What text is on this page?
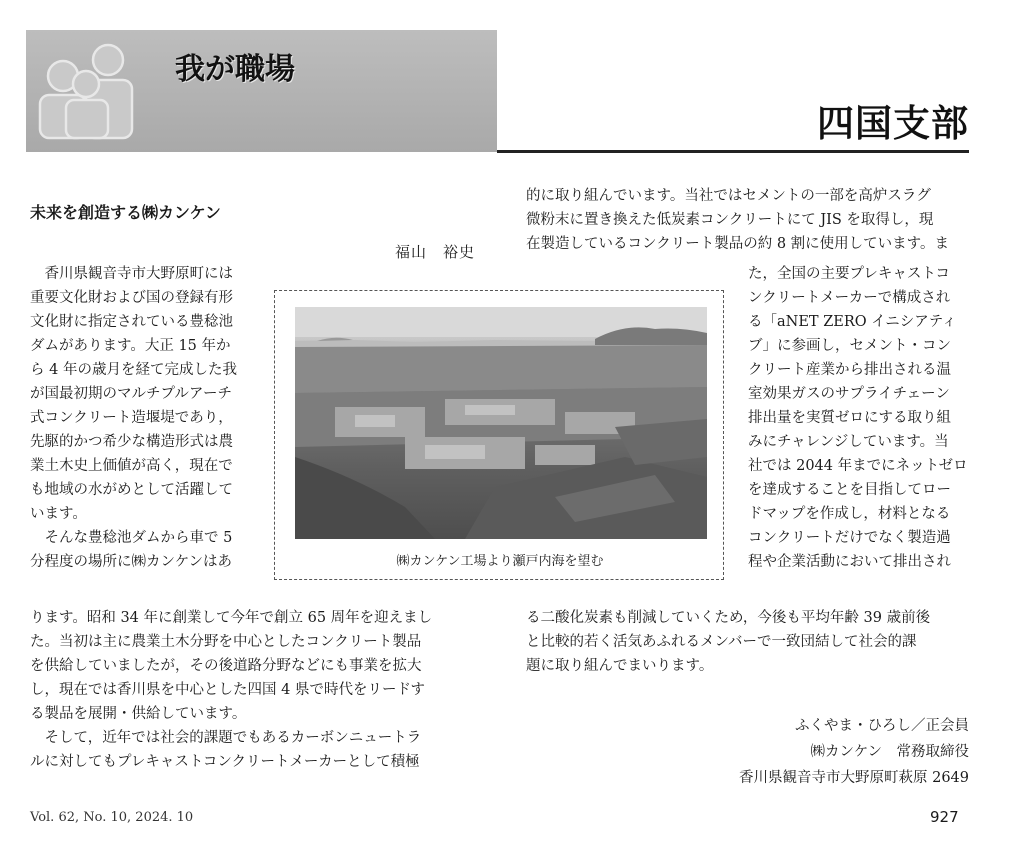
我が職場
四国支部
未来を創造する㈱カンケン
福山　裕史
　香川県観音寺市大野原町には
重要文化財および国の登録有形
文化財に指定されている豊稔池
ダムがあります。大正 15 年か
ら 4 年の歳月を経て完成した我
が国最初期のマルチプルアーチ
式コンクリート造堰堤であり，
先駆的かつ希少な構造形式は農
業土木史上価値が高く，現在で
も地域の水がめとして活躍して
います。
　そんな豊稔池ダムから車で 5
分程度の場所に㈱カンケンはあ
ります。昭和 34 年に創業して今年で創立 65 周年を迎えまし
た。当初は主に農業土木分野を中心としたコンクリート製品
を供給していましたが，その後道路分野などにも事業を拡大
し，現在では香川県を中心とした四国 4 県で時代をリードす
る製品を展開・供給しています。
　そして，近年では社会的課題でもあるカーボンニュートラ
ルに対してもプレキャストコンクリートメーカーとして積極
的に取り組んでいます。当社ではセメントの一部を高炉スラグ
微粉末に置き換えた低炭素コンクリートにて JIS を取得し，現
在製造しているコンクリート製品の約 8 割に使用しています。ま
た，全国の主要プレキャストコ
ンクリートメーカーで構成され
る「aNET ZERO イニシアティ
ブ」に参画し，セメント・コン
クリート産業から排出される温
室効果ガスのサプライチェーン
排出量を実質ゼロにする取り組
みにチャレンジしています。当
社では 2044 年までにネットゼロ
を達成することを目指してロー
ドマップを作成し，材料となる
コンクリートだけでなく製造過
程や企業活動において排出され
る二酸化炭素も削減していくため，今後も平均年齢 39 歳前後
と比較的若く活気あふれるメンバーで一致団結して社会的課
題に取り組んでまいります。
㈱カンケン工場より瀬戸内海を望む
ふくやま・ひろし／正会員
㈱カンケン　常務取締役
香川県観音寺市大野原町萩原 2649
Vol. 62, No. 10, 2024. 10	927
